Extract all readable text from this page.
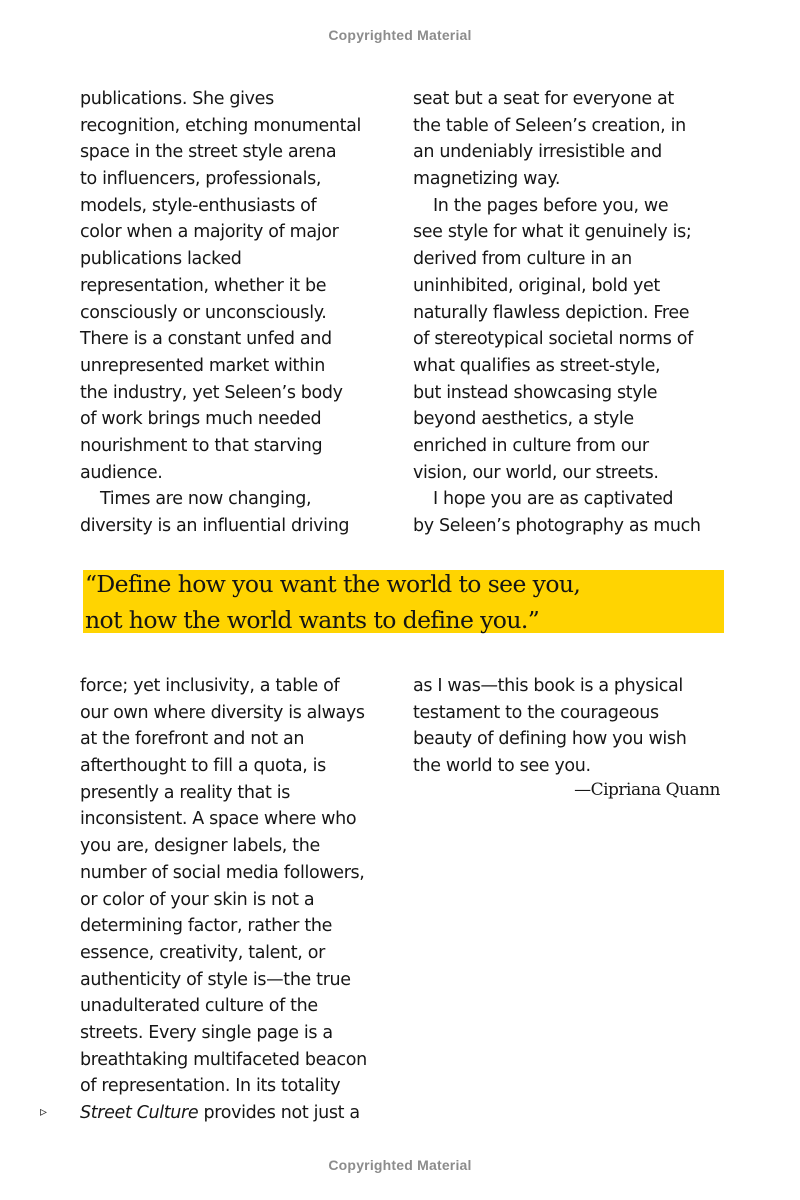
Copyrighted Material
publications. She gives
recognition, etching monumental
space in the street style arena
to influencers, professionals,
models, style-enthusiasts of
color when a majority of major
publications lacked
representation, whether it be
consciously or unconsciously.
There is a constant unfed and
unrepresented market within
the industry, yet Seleen’s body
of work brings much needed
nourishment to that starving
audience.
Times are now changing,
diversity is an influential driving
seat but a seat for everyone at
the table of Seleen’s creation, in
an undeniably irresistible and
magnetizing way.
In the pages before you, we
see style for what it genuinely is;
derived from culture in an
uninhibited, original, bold yet
naturally flawless depiction. Free
of stereotypical societal norms of
what qualifies as street-style,
but instead showcasing style
beyond aesthetics, a style
enriched in culture from our
vision, our world, our streets.
I hope you are as captivated
by Seleen’s photography as much
“Define how you want the world to see you,
not how the world wants to define you.”
force; yet inclusivity, a table of
our own where diversity is always
at the forefront and not an
afterthought to fill a quota, is
presently a reality that is
inconsistent. A space where who
you are, designer labels, the
number of social media followers,
or color of your skin is not a
determining factor, rather the
essence, creativity, talent, or
authenticity of style is—the true
unadulterated culture of the
streets. Every single page is a
breathtaking multifaceted beacon
of representation. In its totality
Street Culture provides not just a
as I was—this book is a physical
testament to the courageous
beauty of defining how you wish
the world to see you.
—Cipriana Quann
▹
Copyrighted Material
